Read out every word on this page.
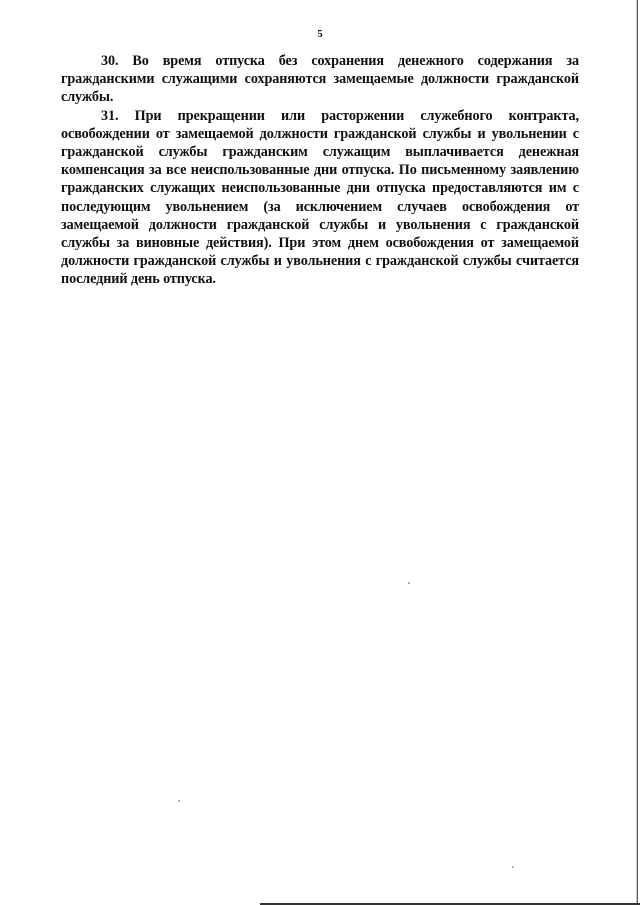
5

30. Во время отпуска без сохранения денежного содержания за гражданскими служащими сохраняются замещаемые должности гражданской службы.

31. При прекращении или расторжении служебного контракта, освобождении от замещаемой должности гражданской службы и увольнении с гражданской службы гражданским служащим выплачивается денежная компенсация за все неиспользованные дни отпуска. По письменному заявлению гражданских служащих неиспользованные дни отпуска предоставляются им с последующим увольнением (за исключением случаев освобождения от замещаемой должности гражданской службы и увольнения с гражданской службы за виновные действия). При этом днем освобождения от замещаемой должности гражданской службы и увольнения с гражданской службы считается последний день отпуска.
